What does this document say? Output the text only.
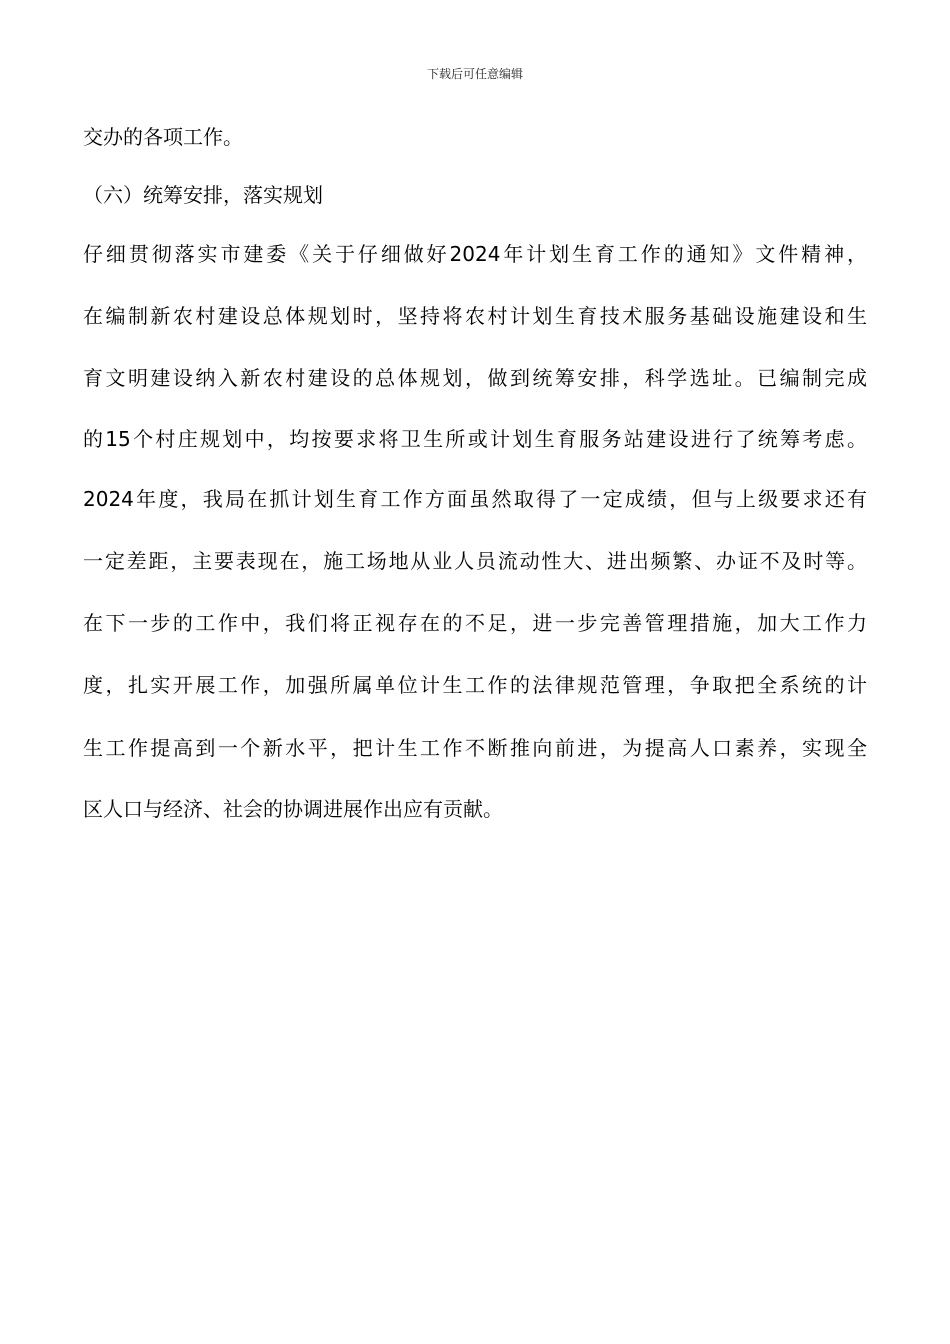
下载后可任意编辑
交办的各项工作。
（六）统筹安排，落实规划
仔细贯彻落实市建委《关于仔细做好2024年计划生育工作的通知》文件精神，
在编制新农村建设总体规划时，坚持将农村计划生育技术服务基础设施建设和生
育文明建设纳入新农村建设的总体规划，做到统筹安排，科学选址。已编制完成
的15个村庄规划中，均按要求将卫生所或计划生育服务站建设进行了统筹考虑。
2024年度，我局在抓计划生育工作方面虽然取得了一定成绩，但与上级要求还有
一定差距，主要表现在，施工场地从业人员流动性大、进出频繁、办证不及时等。
在下一步的工作中，我们将正视存在的不足，进一步完善管理措施，加大工作力
度，扎实开展工作，加强所属单位计生工作的法律规范管理，争取把全系统的计
生工作提高到一个新水平，把计生工作不断推向前进，为提高人口素养，实现全
区人口与经济、社会的协调进展作出应有贡献。
